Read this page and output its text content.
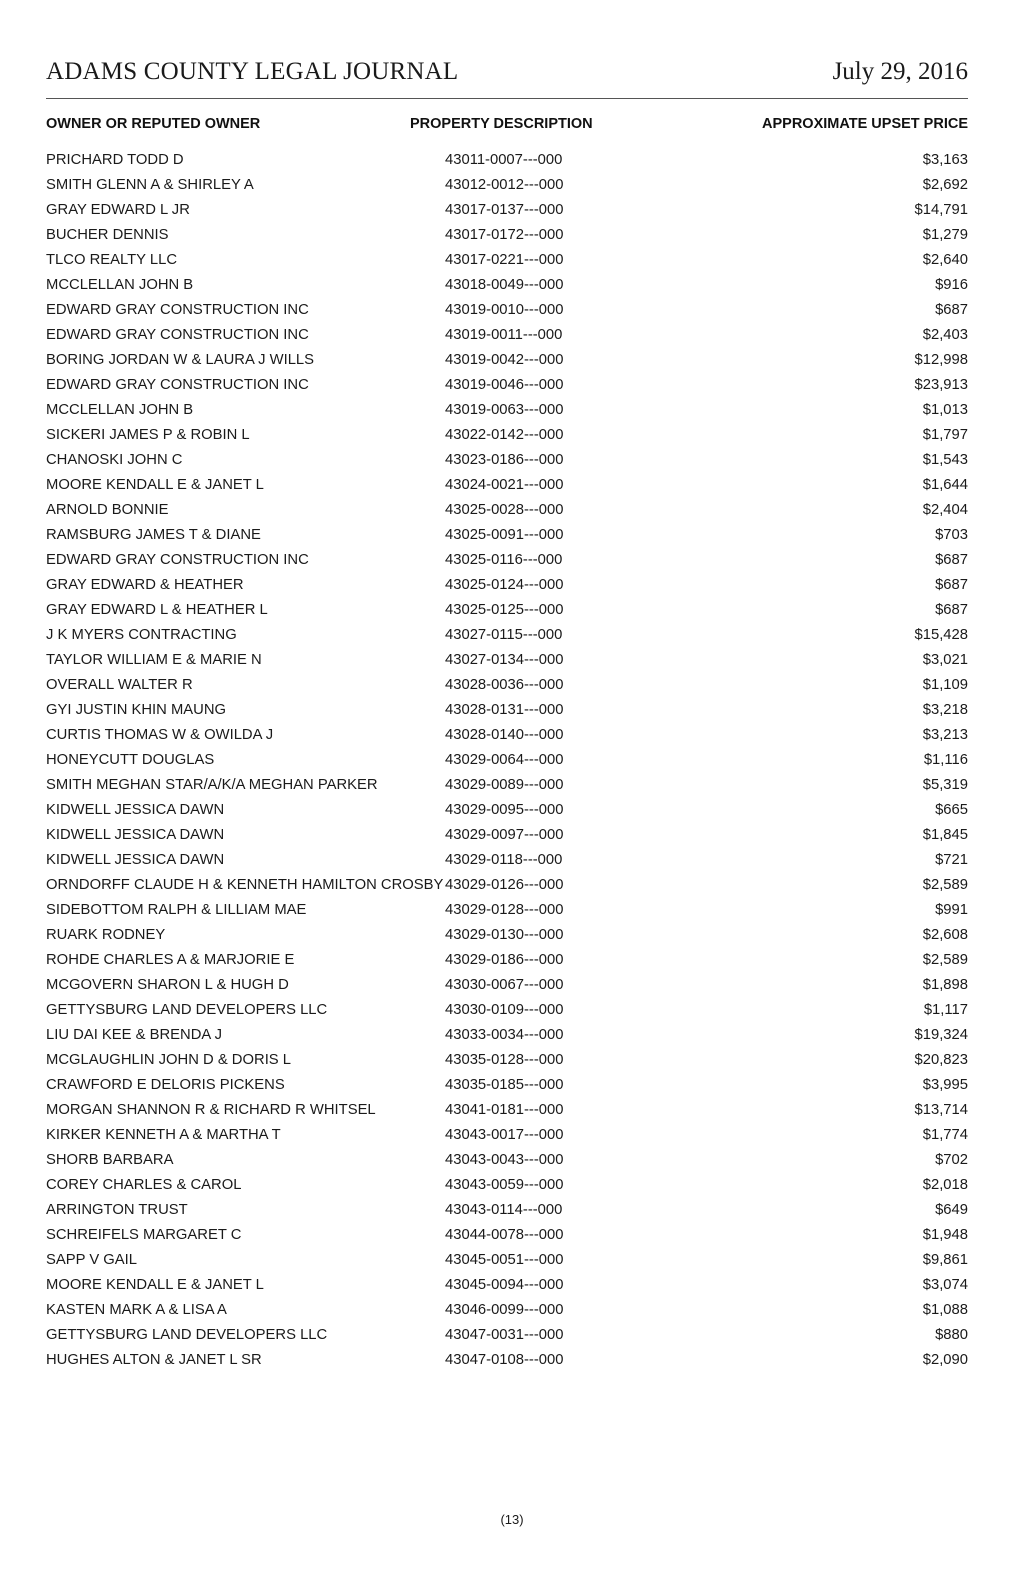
ADAMS COUNTY LEGAL JOURNAL	July 29, 2016
OWNER OR REPUTED OWNER	PROPERTY DESCRIPTION	APPROXIMATE UPSET PRICE
PRICHARD TODD D	43011-0007---000	$3,163
SMITH GLENN A & SHIRLEY A	43012-0012---000	$2,692
GRAY EDWARD L JR	43017-0137---000	$14,791
BUCHER DENNIS	43017-0172---000	$1,279
TLCO REALTY LLC	43017-0221---000	$2,640
MCCLELLAN JOHN B	43018-0049---000	$916
EDWARD GRAY CONSTRUCTION INC	43019-0010---000	$687
EDWARD GRAY CONSTRUCTION INC	43019-0011---000	$2,403
BORING JORDAN W & LAURA J WILLS	43019-0042---000	$12,998
EDWARD GRAY CONSTRUCTION INC	43019-0046---000	$23,913
MCCLELLAN JOHN B	43019-0063---000	$1,013
SICKERI JAMES P & ROBIN L	43022-0142---000	$1,797
CHANOSKI JOHN C	43023-0186---000	$1,543
MOORE KENDALL E & JANET L	43024-0021---000	$1,644
ARNOLD BONNIE	43025-0028---000	$2,404
RAMSBURG JAMES T & DIANE	43025-0091---000	$703
EDWARD GRAY CONSTRUCTION INC	43025-0116---000	$687
GRAY EDWARD & HEATHER	43025-0124---000	$687
GRAY EDWARD L & HEATHER L	43025-0125---000	$687
J K MYERS CONTRACTING	43027-0115---000	$15,428
TAYLOR WILLIAM E & MARIE N	43027-0134---000	$3,021
OVERALL WALTER R	43028-0036---000	$1,109
GYI JUSTIN KHIN MAUNG	43028-0131---000	$3,218
CURTIS THOMAS W & OWILDA J	43028-0140---000	$3,213
HONEYCUTT DOUGLAS	43029-0064---000	$1,116
SMITH MEGHAN STAR/A/K/A MEGHAN PARKER	43029-0089---000	$5,319
KIDWELL JESSICA DAWN	43029-0095---000	$665
KIDWELL JESSICA DAWN	43029-0097---000	$1,845
KIDWELL JESSICA DAWN	43029-0118---000	$721
ORNDORFF CLAUDE H & KENNETH HAMILTON CROSBY 43029-0126---000	$2,589
SIDEBOTTOM RALPH & LILLIAM MAE	43029-0128---000	$991
RUARK RODNEY	43029-0130---000	$2,608
ROHDE CHARLES A & MARJORIE E	43029-0186---000	$2,589
MCGOVERN SHARON L & HUGH D	43030-0067---000	$1,898
GETTYSBURG LAND DEVELOPERS LLC	43030-0109---000	$1,117
LIU DAI KEE & BRENDA J	43033-0034---000	$19,324
MCGLAUGHLIN JOHN D & DORIS L	43035-0128---000	$20,823
CRAWFORD E DELORIS PICKENS	43035-0185---000	$3,995
MORGAN SHANNON R & RICHARD R WHITSEL	43041-0181---000	$13,714
KIRKER KENNETH A & MARTHA T	43043-0017---000	$1,774
SHORB BARBARA	43043-0043---000	$702
COREY CHARLES & CAROL	43043-0059---000	$2,018
ARRINGTON TRUST	43043-0114---000	$649
SCHREIFELS MARGARET C	43044-0078---000	$1,948
SAPP V GAIL	43045-0051---000	$9,861
MOORE KENDALL E & JANET L	43045-0094---000	$3,074
KASTEN MARK A & LISA A	43046-0099---000	$1,088
GETTYSBURG LAND DEVELOPERS LLC	43047-0031---000	$880
HUGHES ALTON & JANET L SR	43047-0108---000	$2,090
(13)
